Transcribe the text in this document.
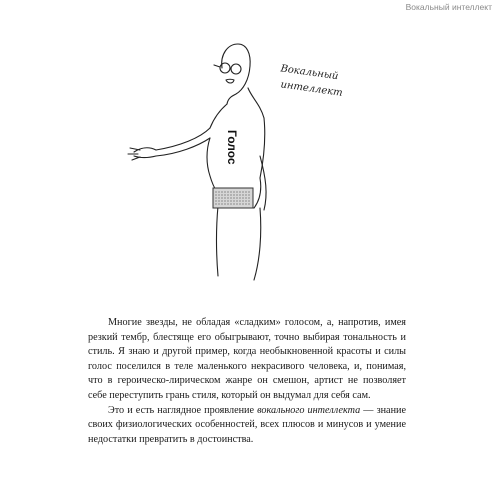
Вокальный интеллект
Голос
Вокальный
интеллект

Многие звезды, не обладая «сладким» голосом, а, напротив, имея резкий тембр, блестяще его обыгрывают, точно выбирая тональность и стиль. Я знаю и другой пример, когда необыкновенной красоты и силы голос поселился в теле маленького некрасивого человека, и, понимая, что в героическо-лирическом жанре он смешон, артист не позволяет себе переступить грань стиля, который он выдумал для себя сам.

Это и есть наглядное проявление вокального интеллекта — знание своих физиологических особенностей, всех плюсов и минусов и умение недостатки превратить в достоинства.
